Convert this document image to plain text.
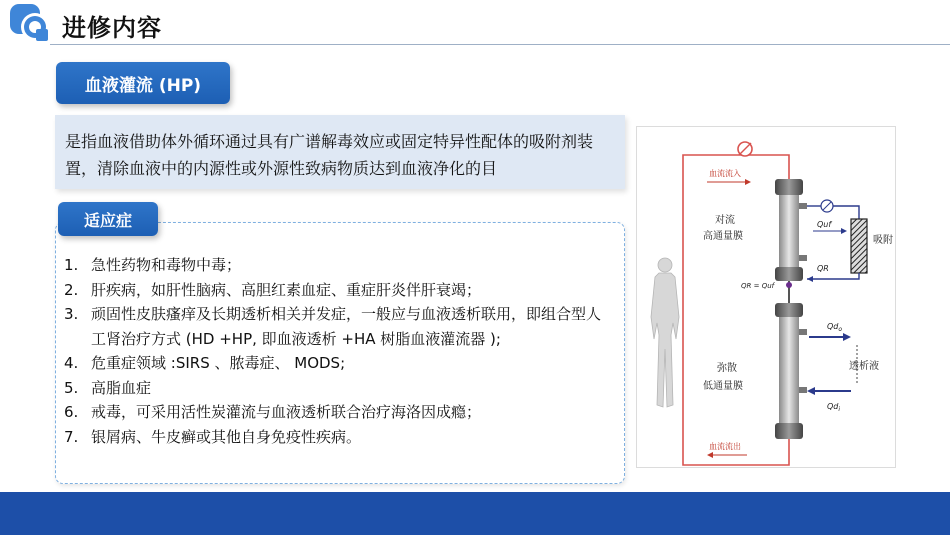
进修内容
血液灌流 (HP)
是指血液借助体外循环通过具有广谱解毒效应或固定特异性配体的吸附剂装置，清除血液中的内源性或外源性致病物质达到血液净化的目
1. 急性药物和毒物中毒；
2. 肝疾病，如肝性脑病、高胆红素血症、重症肝炎伴肝衰竭；
3. 顽固性皮肤瘙痒及长期透析相关并发症，一般应与血液透析联用，即组合型人工肾治疗方式 (HD +HP, 即血液透析 +HA 树脂血液灌流器 );
4. 危重症领域 :SIRS 、脓毒症、 MODS;
5. 高脂血症
6. 戒毒，可采用活性炭灌流与血液透析联合治疗海洛因成瘾；
7. 银屑病、牛皮癣或其他自身免疫性疾病。
适应症
血流流入
血流流出
对流
高通量膜
Quf
吸附
QR
QR = Quf
$Qd_o$
透析液
$Qd_i$
弥散
低通量膜
